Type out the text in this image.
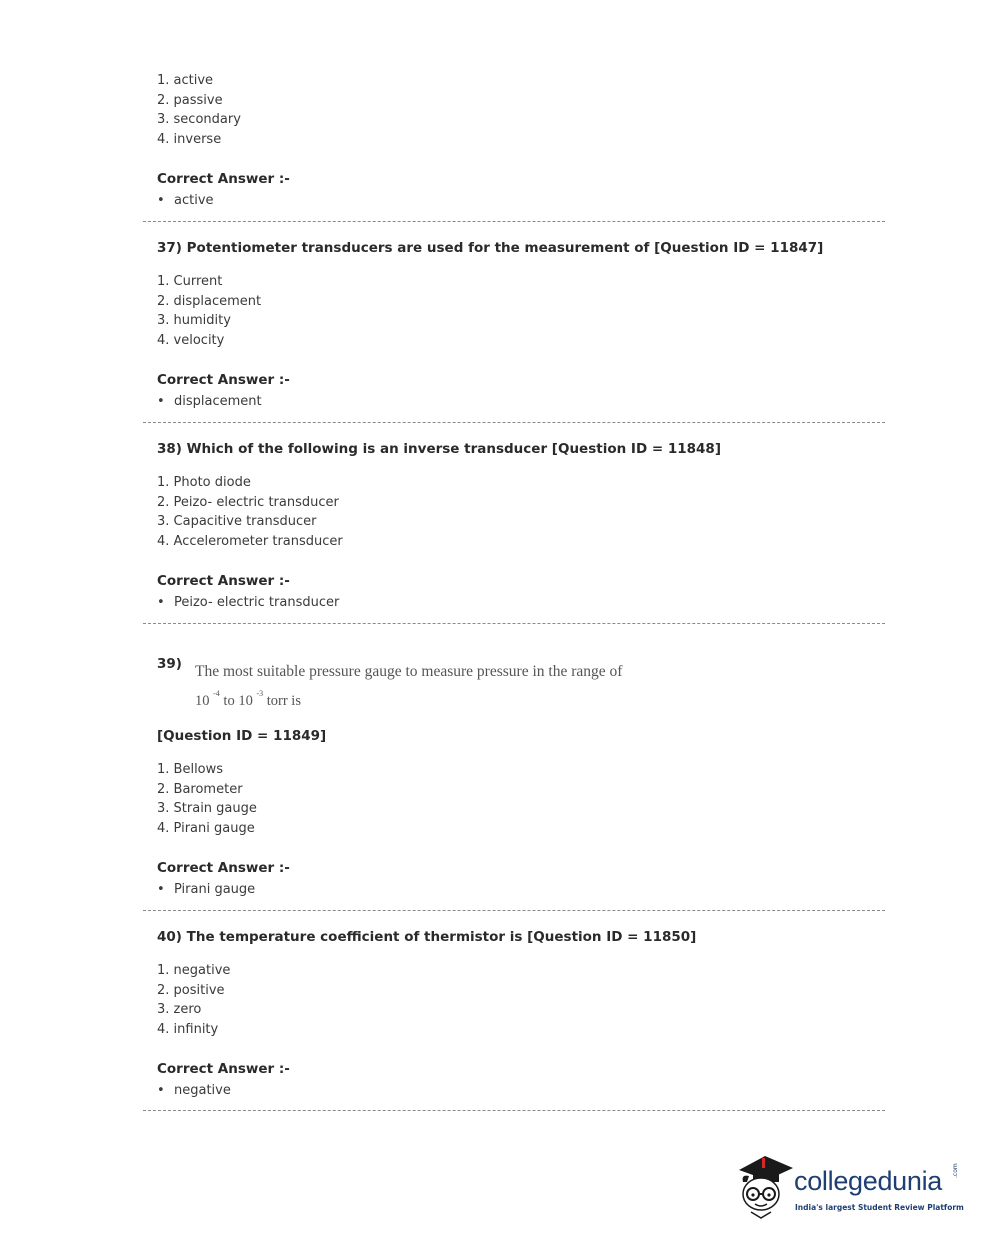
1. active
2. passive
3. secondary
4. inverse
Correct Answer :-
• active
37) Potentiometer transducers are used for the measurement of [Question ID = 11847]
1. Current
2. displacement
3. humidity
4. velocity
Correct Answer :-
• displacement
38) Which of the following is an inverse transducer [Question ID = 11848]
1. Photo diode
2. Peizo- electric transducer
3. Capacitive transducer
4. Accelerometer transducer
Correct Answer :-
• Peizo- electric transducer
39) The most suitable pressure gauge to measure pressure in the range of
10 $^{-4}$ to 10 $^{-3}$ torr is
[Question ID = 11849]
1. Bellows
2. Barometer
3. Strain gauge
4. Pirani gauge
Correct Answer :-
• Pirani gauge
40) The temperature coefficient of thermistor is [Question ID = 11850]
1. negative
2. positive
3. zero
4. infinity
Correct Answer :-
• negative
collegedunia .com
India's largest Student Review Platform
